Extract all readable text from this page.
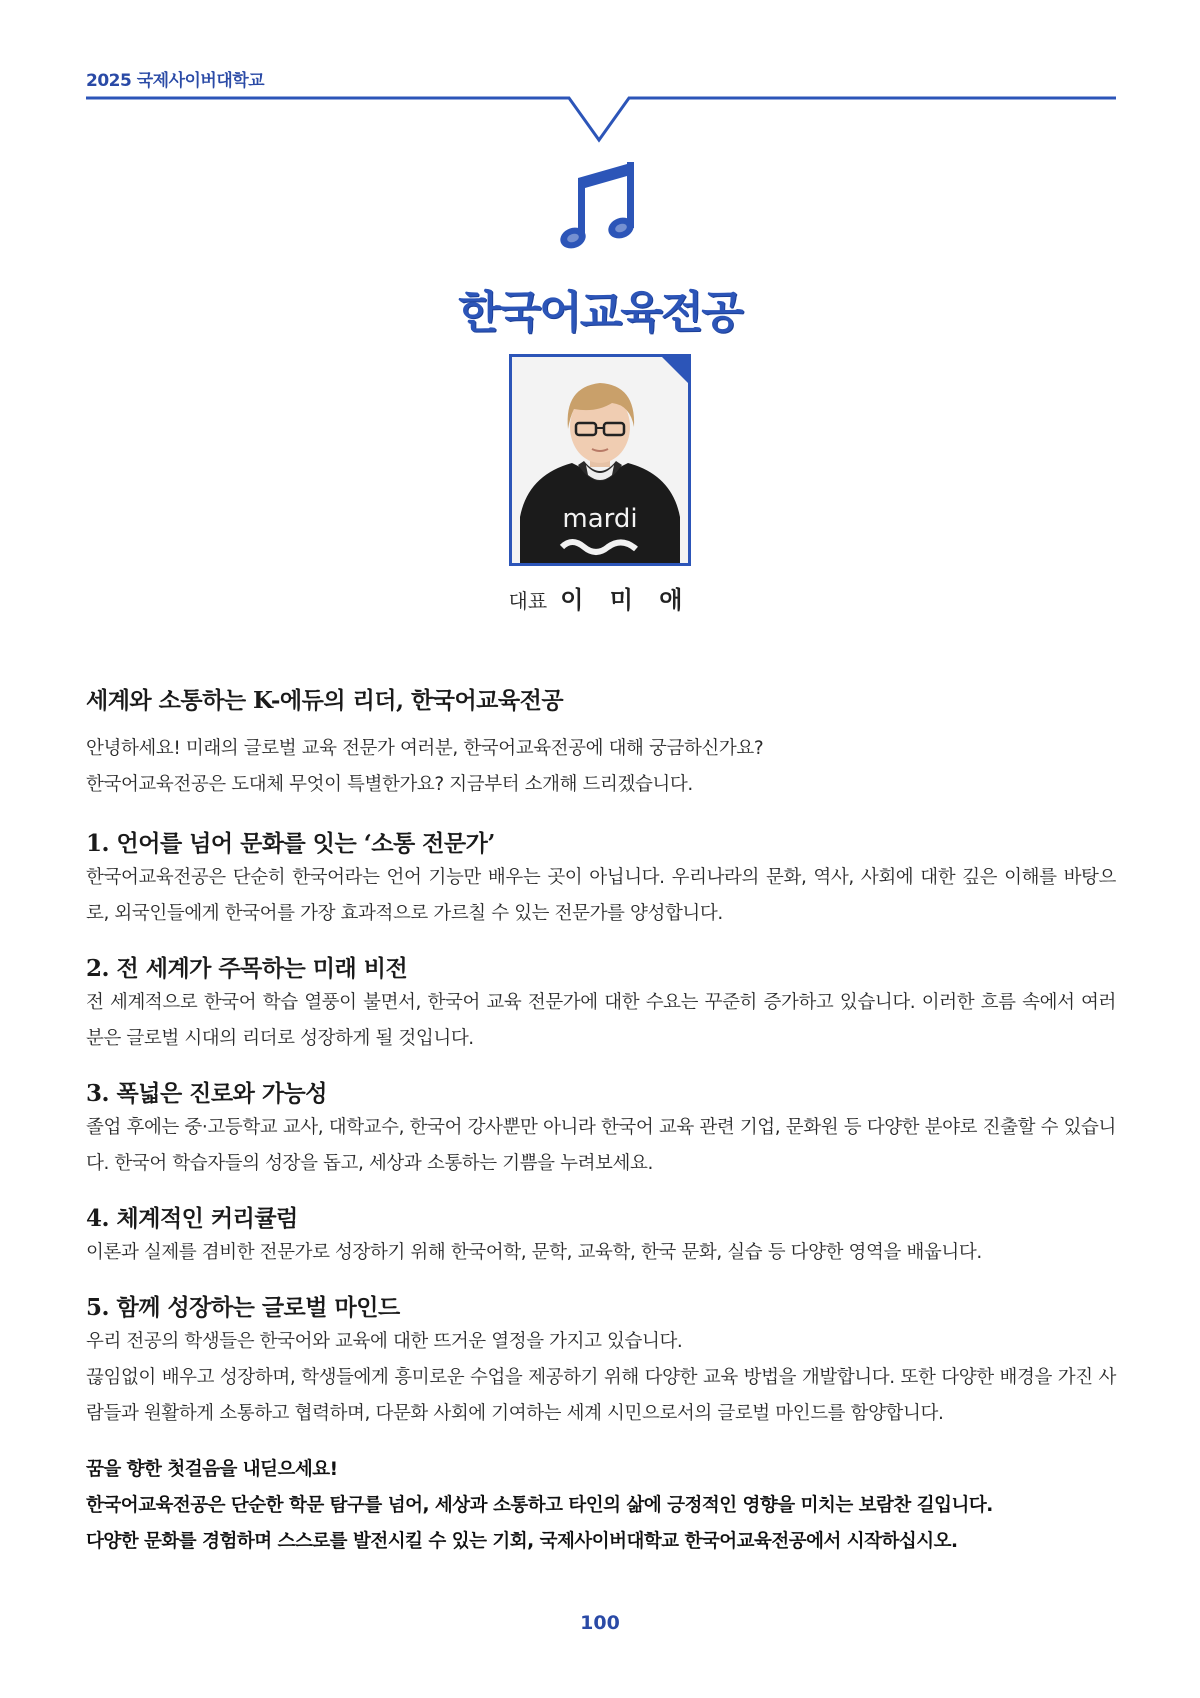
2025 국제사이버대학교
한국어교육전공
mardi
대표 이 미 애
세계와 소통하는 K-에듀의 리더, 한국어교육전공

안녕하세요! 미래의 글로벌 교육 전문가 여러분, 한국어교육전공에 대해 궁금하신가요?

한국어교육전공은 도대체 무엇이 특별한가요? 지금부터 소개해 드리겠습니다.

1. 언어를 넘어 문화를 잇는 ‘소통 전문가’

한국어교육전공은 단순히 한국어라는 언어 기능만 배우는 곳이 아닙니다. 우리나라의 문화, 역사, 사회에 대한 깊은 이해를 바탕으로, 외국인들에게 한국어를 가장 효과적으로 가르칠 수 있는 전문가를 양성합니다.

2. 전 세계가 주목하는 미래 비전

전 세계적으로 한국어 학습 열풍이 불면서, 한국어 교육 전문가에 대한 수요는 꾸준히 증가하고 있습니다. 이러한 흐름 속에서 여러분은 글로벌 시대의 리더로 성장하게 될 것입니다.

3. 폭넓은 진로와 가능성

졸업 후에는 중·고등학교 교사, 대학교수, 한국어 강사뿐만 아니라 한국어 교육 관련 기업, 문화원 등 다양한 분야로 진출할 수 있습니다. 한국어 학습자들의 성장을 돕고, 세상과 소통하는 기쁨을 누려보세요.

4. 체계적인 커리큘럼

이론과 실제를 겸비한 전문가로 성장하기 위해 한국어학, 문학, 교육학, 한국 문화, 실습 등 다양한 영역을 배웁니다.

5. 함께 성장하는 글로벌 마인드

우리 전공의 학생들은 한국어와 교육에 대한 뜨거운 열정을 가지고 있습니다.

끊임없이 배우고 성장하며, 학생들에게 흥미로운 수업을 제공하기 위해 다양한 교육 방법을 개발합니다. 또한 다양한 배경을 가진 사람들과 원활하게 소통하고 협력하며, 다문화 사회에 기여하는 세계 시민으로서의 글로벌 마인드를 함양합니다.

꿈을 향한 첫걸음을 내딛으세요!

한국어교육전공은 단순한 학문 탐구를 넘어, 세상과 소통하고 타인의 삶에 긍정적인 영향을 미치는 보람찬 길입니다.

다양한 문화를 경험하며 스스로를 발전시킬 수 있는 기회, 국제사이버대학교 한국어교육전공에서 시작하십시오.

100
